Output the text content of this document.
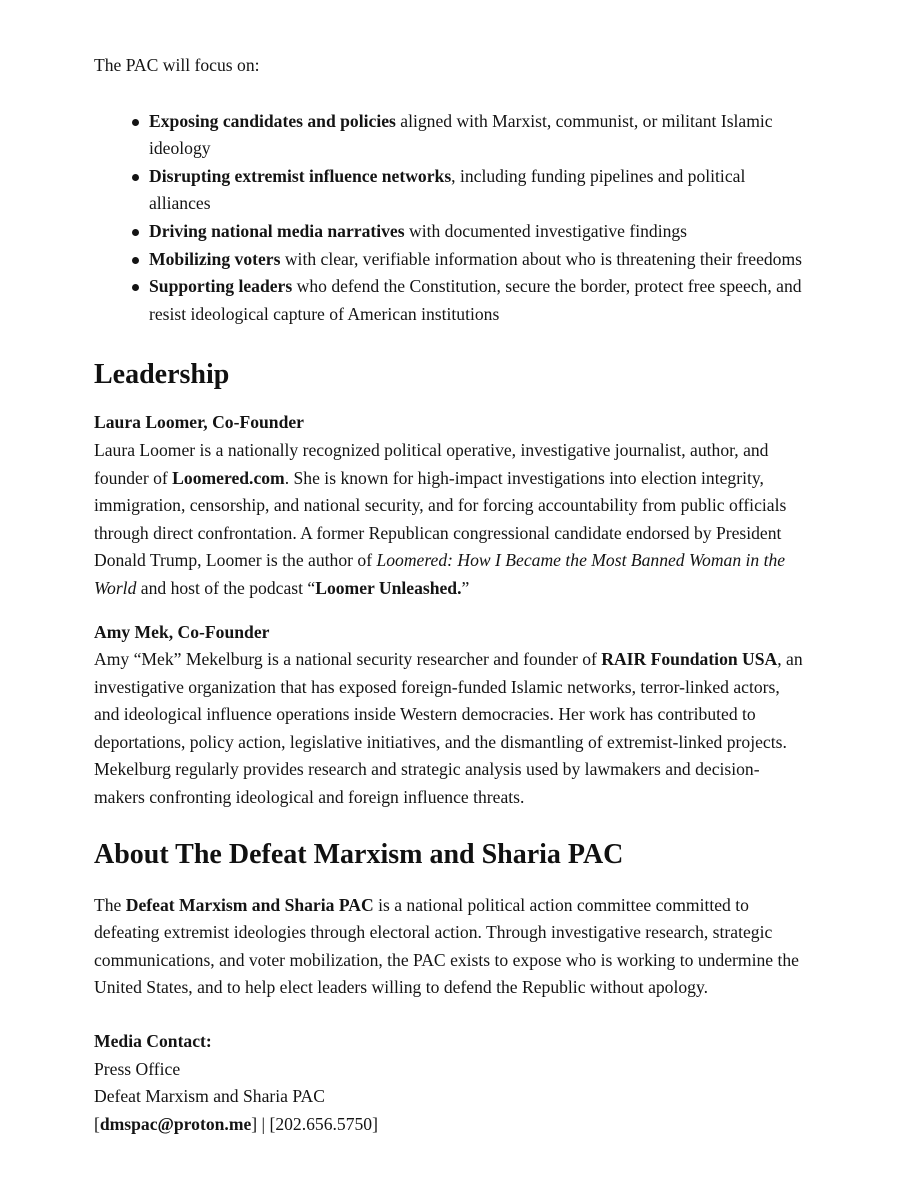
The PAC will focus on:

Exposing candidates and policies aligned with Marxist, communist, or militant Islamic ideology
Disrupting extremist influence networks, including funding pipelines and political alliances
Driving national media narratives with documented investigative findings
Mobilizing voters with clear, verifiable information about who is threatening their freedoms
Supporting leaders who defend the Constitution, secure the border, protect free speech, and resist ideological capture of American institutions
Leadership

Laura Loomer, Co-Founder

Laura Loomer is a nationally recognized political operative, investigative journalist, author, and founder of Loomered.com. She is known for high-impact investigations into election integrity, immigration, censorship, and national security, and for forcing accountability from public officials through direct confrontation. A former Republican congressional candidate endorsed by President Donald Trump, Loomer is the author of Loomered: How I Became the Most Banned Woman in the World and host of the podcast “Loomer Unleashed.”

Amy Mek, Co-Founder

Amy “Mek” Mekelburg is a national security researcher and founder of RAIR Foundation USA, an investigative organization that has exposed foreign-funded Islamic networks, terror-linked actors, and ideological influence operations inside Western democracies. Her work has contributed to deportations, policy action, legislative initiatives, and the dismantling of extremist-linked projects. Mekelburg regularly provides research and strategic analysis used by lawmakers and decision-makers confronting ideological and foreign influence threats.

About The Defeat Marxism and Sharia PAC

The Defeat Marxism and Sharia PAC is a national political action committee committed to defeating extremist ideologies through electoral action. Through investigative research, strategic communications, and voter mobilization, the PAC exists to expose who is working to undermine the United States, and to help elect leaders willing to defend the Republic without apology.

Media Contact:

Press Office

Defeat Marxism and Sharia PAC

[dmspac@proton.me] | [202.656.5750]
